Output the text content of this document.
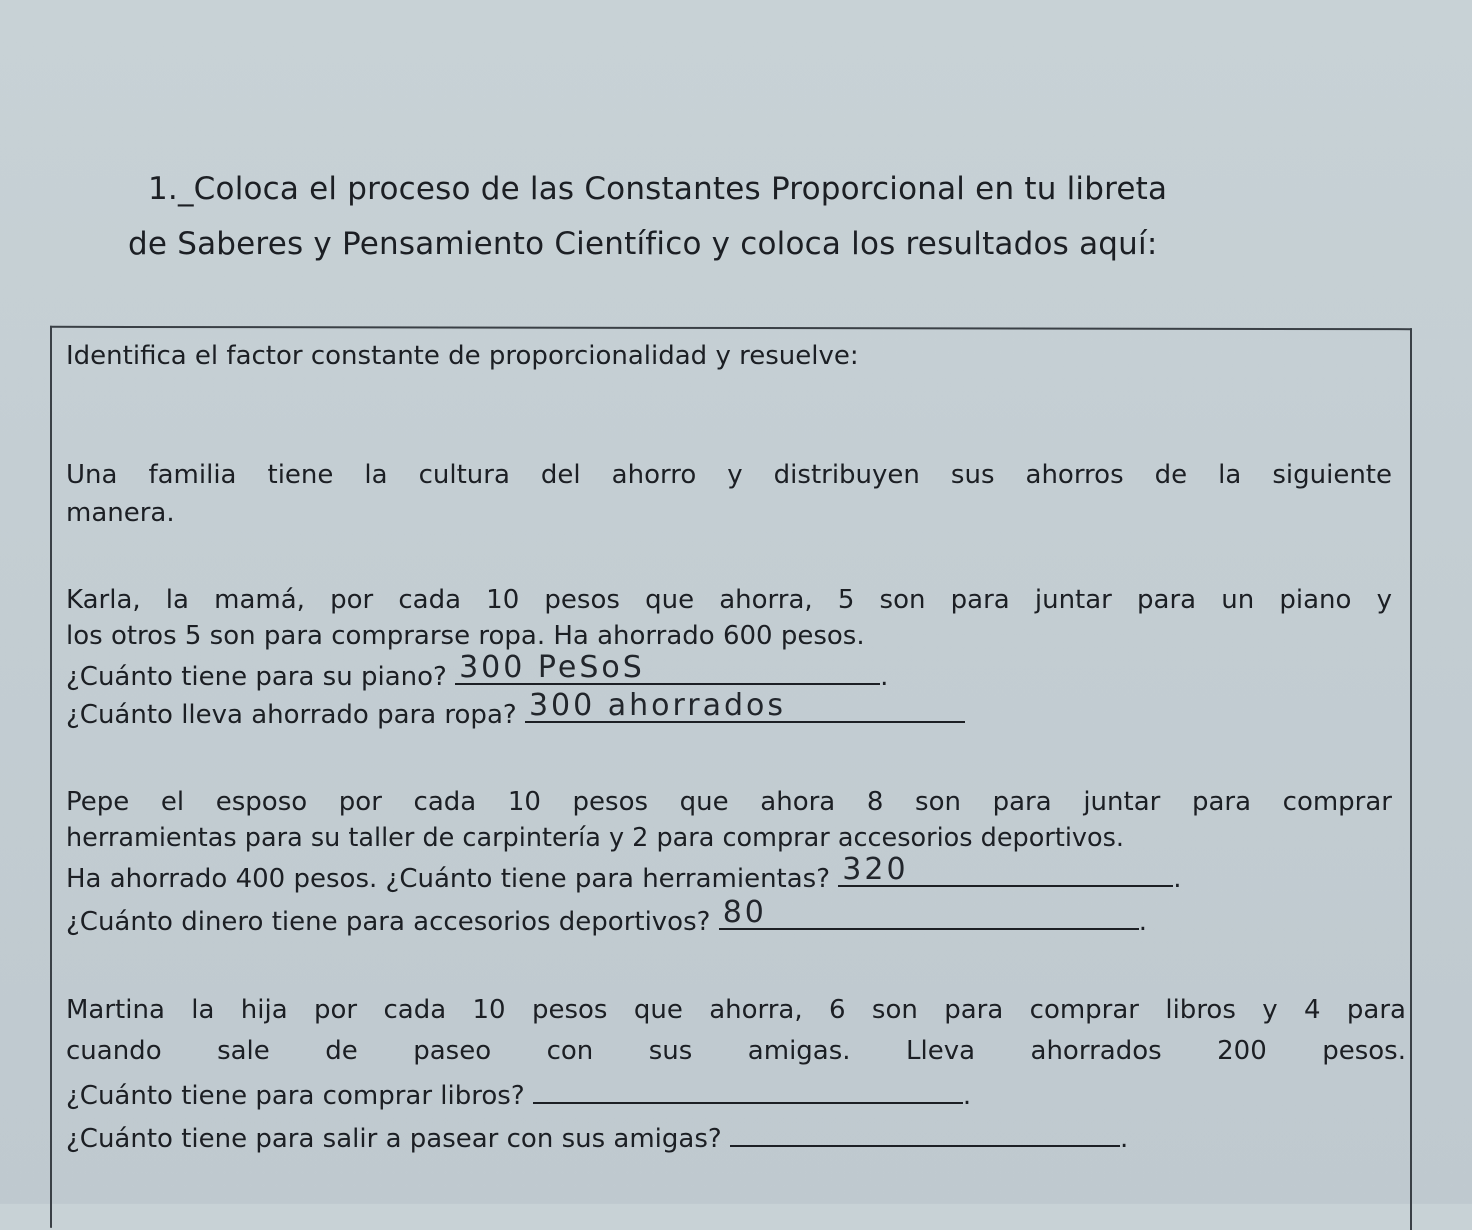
1._Coloca el proceso de las Constantes Proporcional en tu libreta
de Saberes y Pensamiento Científico y coloca los resultados aquí:
Identifica el factor constante de proporcionalidad y resuelve:
Una familia tiene la cultura del ahorro y distribuyen sus ahorros de la siguiente
manera.
Karla, la mamá, por cada 10 pesos que ahorra, 5 son para juntar para un piano y
los otros 5 son para comprarse ropa. Ha ahorrado 600 pesos.
¿Cuánto tiene para su piano? 300 PeSoS	.
¿Cuánto lleva ahorrado para ropa? 300 ahorrados
Pepe el esposo por cada 10 pesos que ahora 8 son para juntar para comprar
herramientas para su taller de carpintería y 2 para comprar accesorios deportivos.
Ha ahorrado 400 pesos. ¿Cuánto tiene para herramientas? 320	.
¿Cuánto dinero tiene para accesorios deportivos? 80	.
Martina la hija por cada 10 pesos que ahorra, 6 son para comprar libros y 4 para
cuando sale de paseo con sus amigas. Lleva ahorrados 200 pesos.
¿Cuánto tiene para comprar libros?	.
¿Cuánto tiene para salir a pasear con sus amigas?	.
